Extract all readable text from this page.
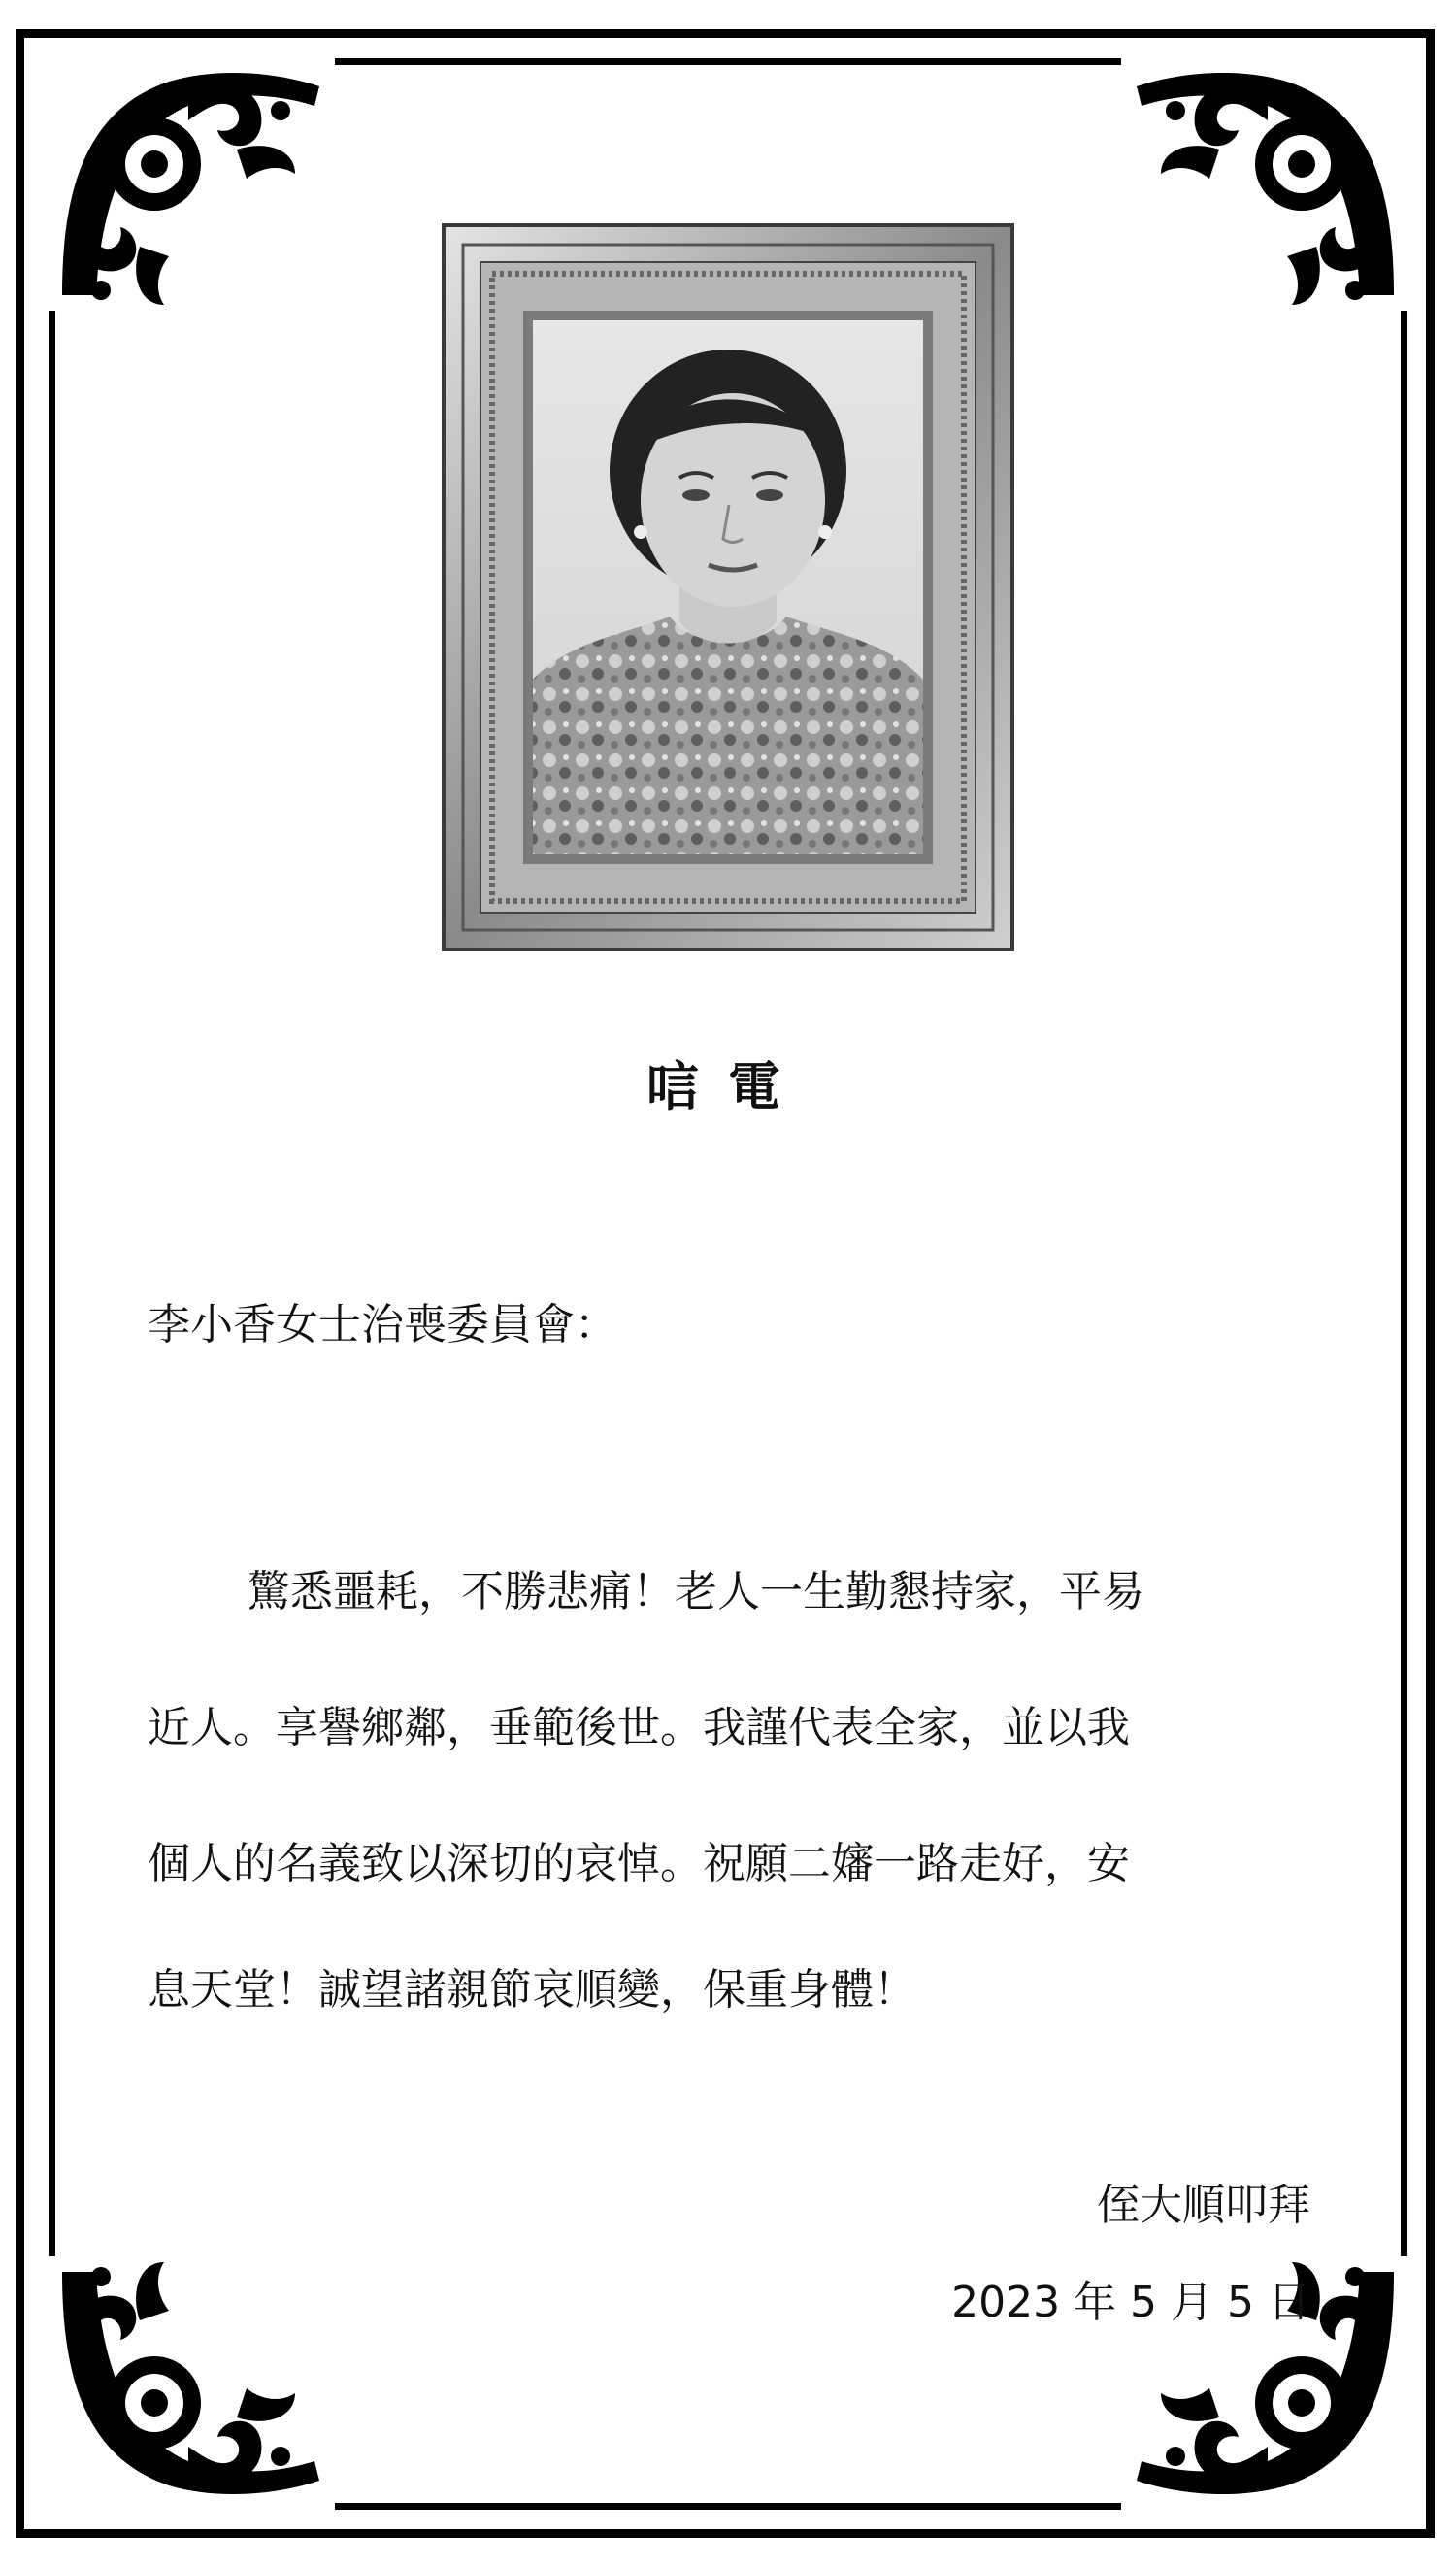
唁電
李小香女士治喪委員會：
驚悉噩耗，不勝悲痛！老人一生勤懇持家，平易
近人。享譽鄉鄰，垂範後世。我謹代表全家，並以我
個人的名義致以深切的哀悼。祝願二嬸一路走好，安
息天堂！誠望諸親節哀順變，保重身體！
侄大順叩拜
2023 年 5 月 5 日
